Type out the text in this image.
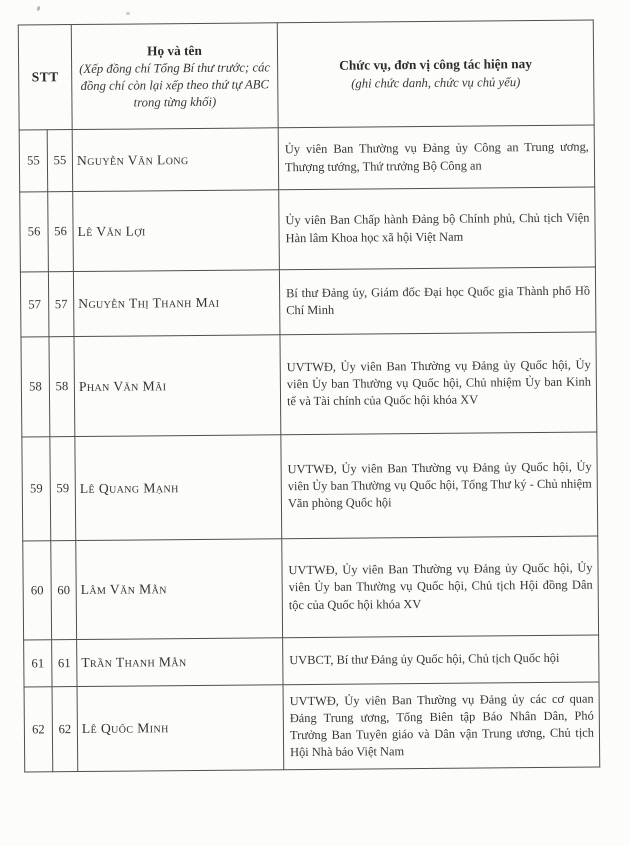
STT	
Họ và tên
(Xếp đồng chí Tổng Bí thư trước; các đồng chí còn lại xếp theo thứ tự ABC trong từng khối)

Chức vụ, đơn vị công tác hiện nay
(ghi chức danh, chức vụ chủ yếu)

55	55	Nguyễn Văn Long	Ủy viên Ban Thường vụ Đảng ủy Công an Trung ương, Thượng tướng, Thứ trưởng Bộ Công an
56	56	Lê Văn Lợi	Ủy viên Ban Chấp hành Đảng bộ Chính phủ, Chủ tịch Viện Hàn lâm Khoa học xã hội Việt Nam
57	57	Nguyễn Thị Thanh Mai	Bí thư Đảng ủy, Giám đốc Đại học Quốc gia Thành phố Hồ Chí Minh
58	58	Phan Văn Mãi	UVTWĐ, Ủy viên Ban Thường vụ Đảng ủy Quốc hội, Ủy viên Ủy ban Thường vụ Quốc hội, Chủ nhiệm Ủy ban Kinh tế và Tài chính của Quốc hội khóa XV
59	59	Lê Quang Mạnh	UVTWĐ, Ủy viên Ban Thường vụ Đảng ủy Quốc hội, Ủy viên Ủy ban Thường vụ Quốc hội, Tổng Thư ký - Chủ nhiệm Văn phòng Quốc hội
60	60	Lâm Văn Mẫn	UVTWĐ, Ủy viên Ban Thường vụ Đảng ủy Quốc hội, Ủy viên Ủy ban Thường vụ Quốc hội, Chủ tịch Hội đồng Dân tộc của Quốc hội khóa XV
61	61	Trần Thanh Mẫn	UVBCT, Bí thư Đảng ủy Quốc hội, Chủ tịch Quốc hội
62	62	Lê Quốc Minh	UVTWĐ, Ủy viên Ban Thường vụ Đảng ủy các cơ quan Đảng Trung ương, Tổng Biên tập Báo Nhân Dân, Phó Trưởng Ban Tuyên giáo và Dân vận Trung ương, Chủ tịch Hội Nhà báo Việt Nam
